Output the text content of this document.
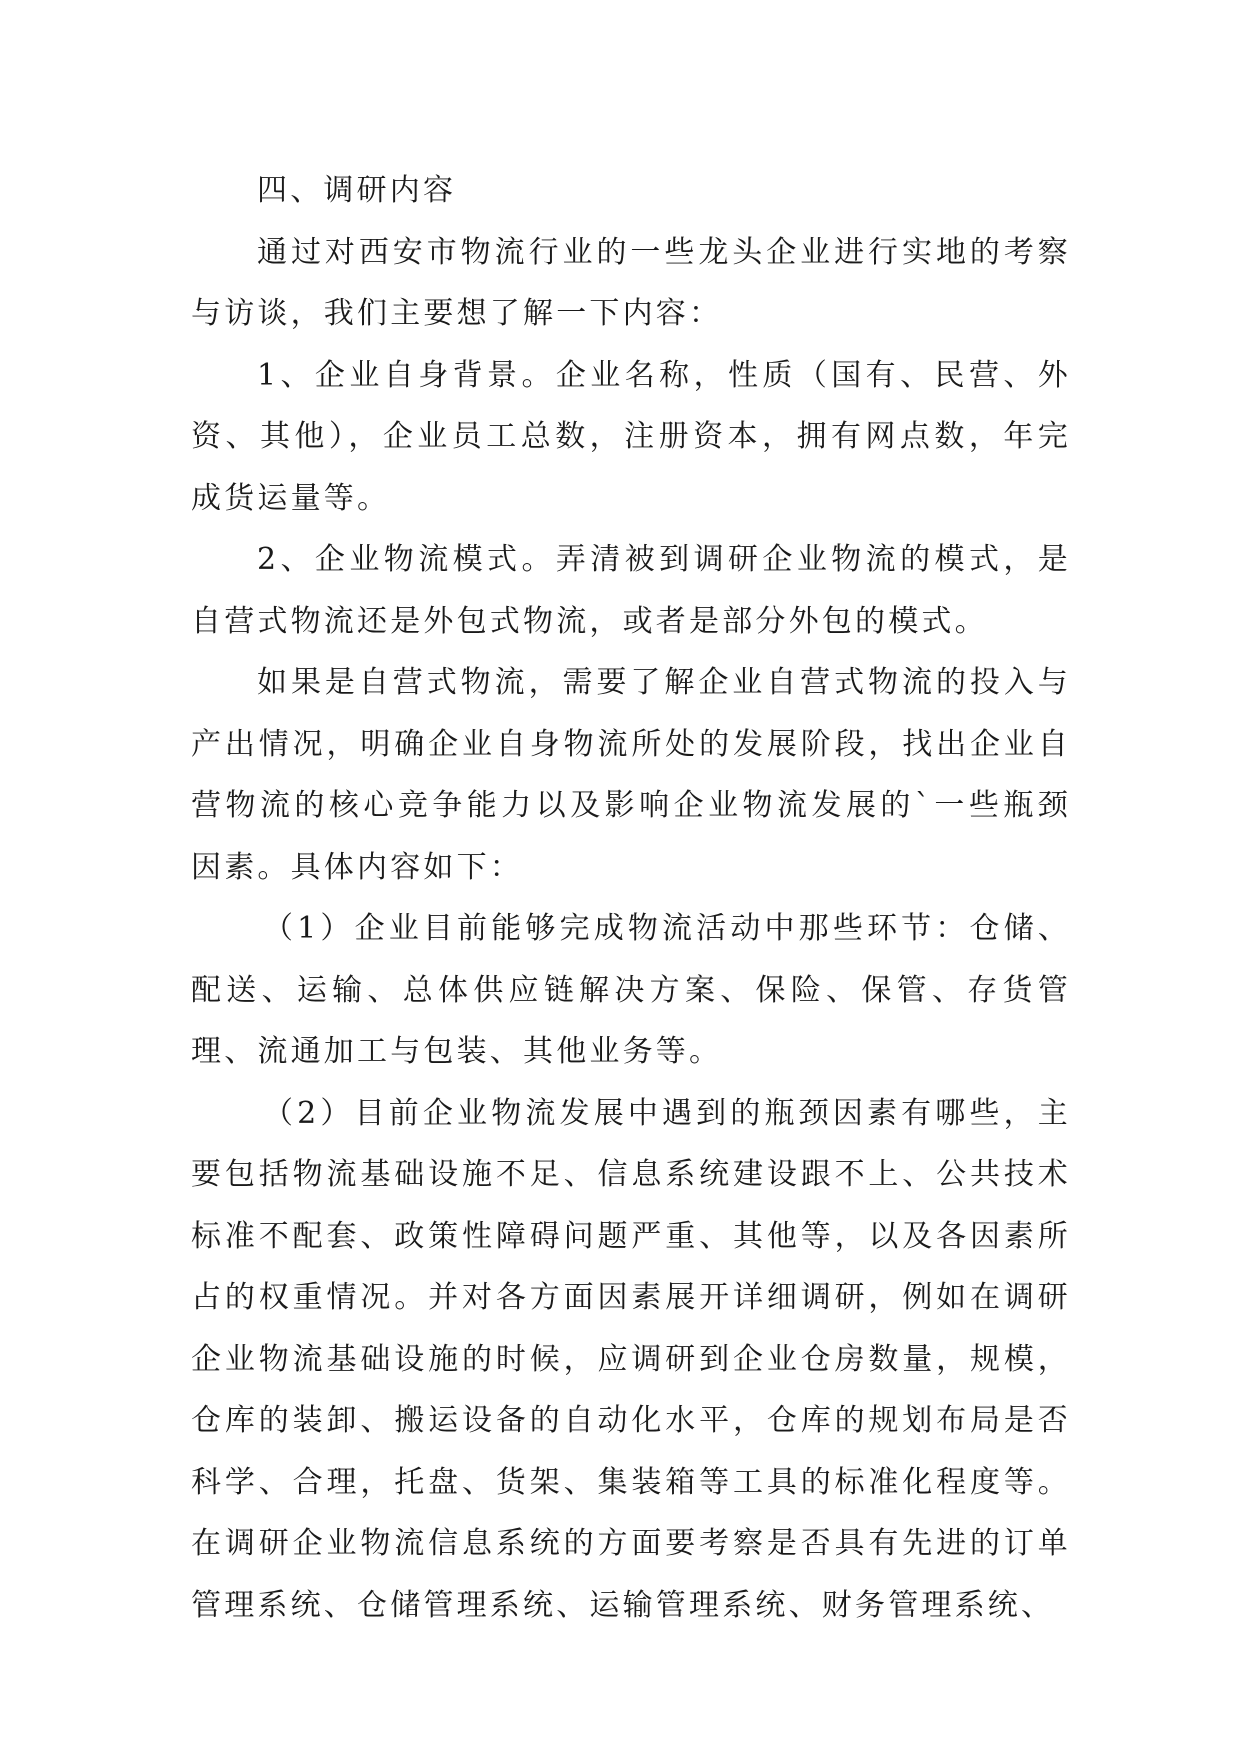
四、调研内容

通过对西安市物流行业的一些龙头企业进行实地的考察与访谈，我们主要想了解一下内容：

1、企业自身背景。企业名称，性质（国有、民营、外资、其他），企业员工总数，注册资本，拥有网点数，年完成货运量等。

2、企业物流模式。弄清被到调研企业物流的模式，是自营式物流还是外包式物流，或者是部分外包的模式。

如果是自营式物流，需要了解企业自营式物流的投入与产出情况，明确企业自身物流所处的发展阶段，找出企业自营物流的核心竞争能力以及影响企业物流发展的`一些瓶颈因素。具体内容如下：

（1）企业目前能够完成物流活动中那些环节：仓储、配送、运输、总体供应链解决方案、保险、保管、存货管理、流通加工与包装、其他业务等。

（2）目前企业物流发展中遇到的瓶颈因素有哪些，主要包括物流基础设施不足、信息系统建设跟不上、公共技术标准不配套、政策性障碍问题严重、其他等，以及各因素所占的权重情况。并对各方面因素展开详细调研，例如在调研企业物流基础设施的时候，应调研到企业仓房数量，规模，仓库的装卸、搬运设备的自动化水平，仓库的规划布局是否科学、合理，托盘、货架、集装箱等工具的标准化程度等。在调研企业物流信息系统的方面要考察是否具有先进的订单管理系统、仓储管理系统、运输管理系统、财务管理系统、
